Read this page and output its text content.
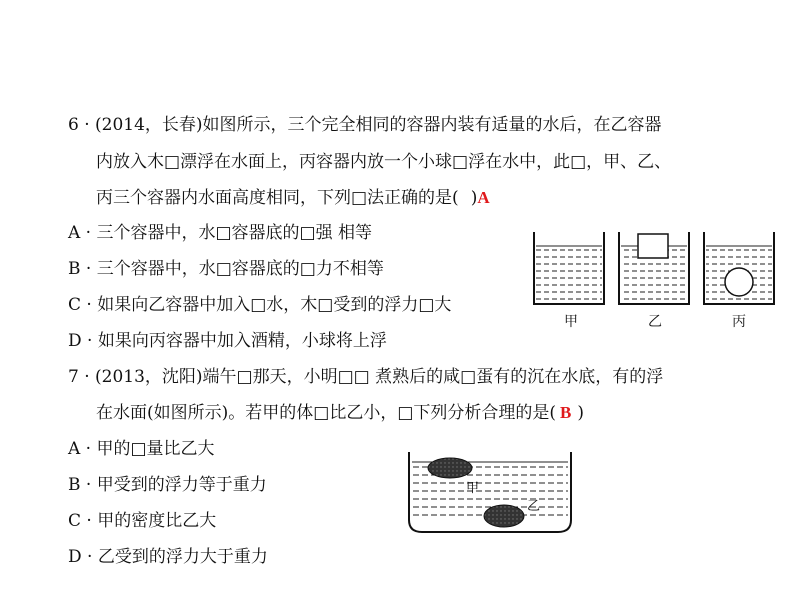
6 · (2014，长春)如图所示，三个完全相同的容器内装有适量的水后，在乙容器
内放入木□漂浮在水面上，丙容器内放一个小球□浮在水中，此□，甲、乙、
丙三个容器内水面高度相同，下列□法正确的是( )A
A · 三个容器中，水□容器底的□强 相等
B · 三个容器中，水□容器底的□力不相等
C · 如果向乙容器中加入□水，木□受到的浮力□大
D · 如果向丙容器中加入酒精，小球将上浮
甲	乙	丙
7 · (2013，沈阳)端午□那天，小明□□ 煮熟后的咸□蛋有的沉在水底，有的浮
在水面(如图所示)。若甲的体□比乙小，□下列分析合理的是( B )
A · 甲的□量比乙大
B · 甲受到的浮力等于重力
C · 甲的密度比乙大
D · 乙受到的浮力大于重力
甲
乙
